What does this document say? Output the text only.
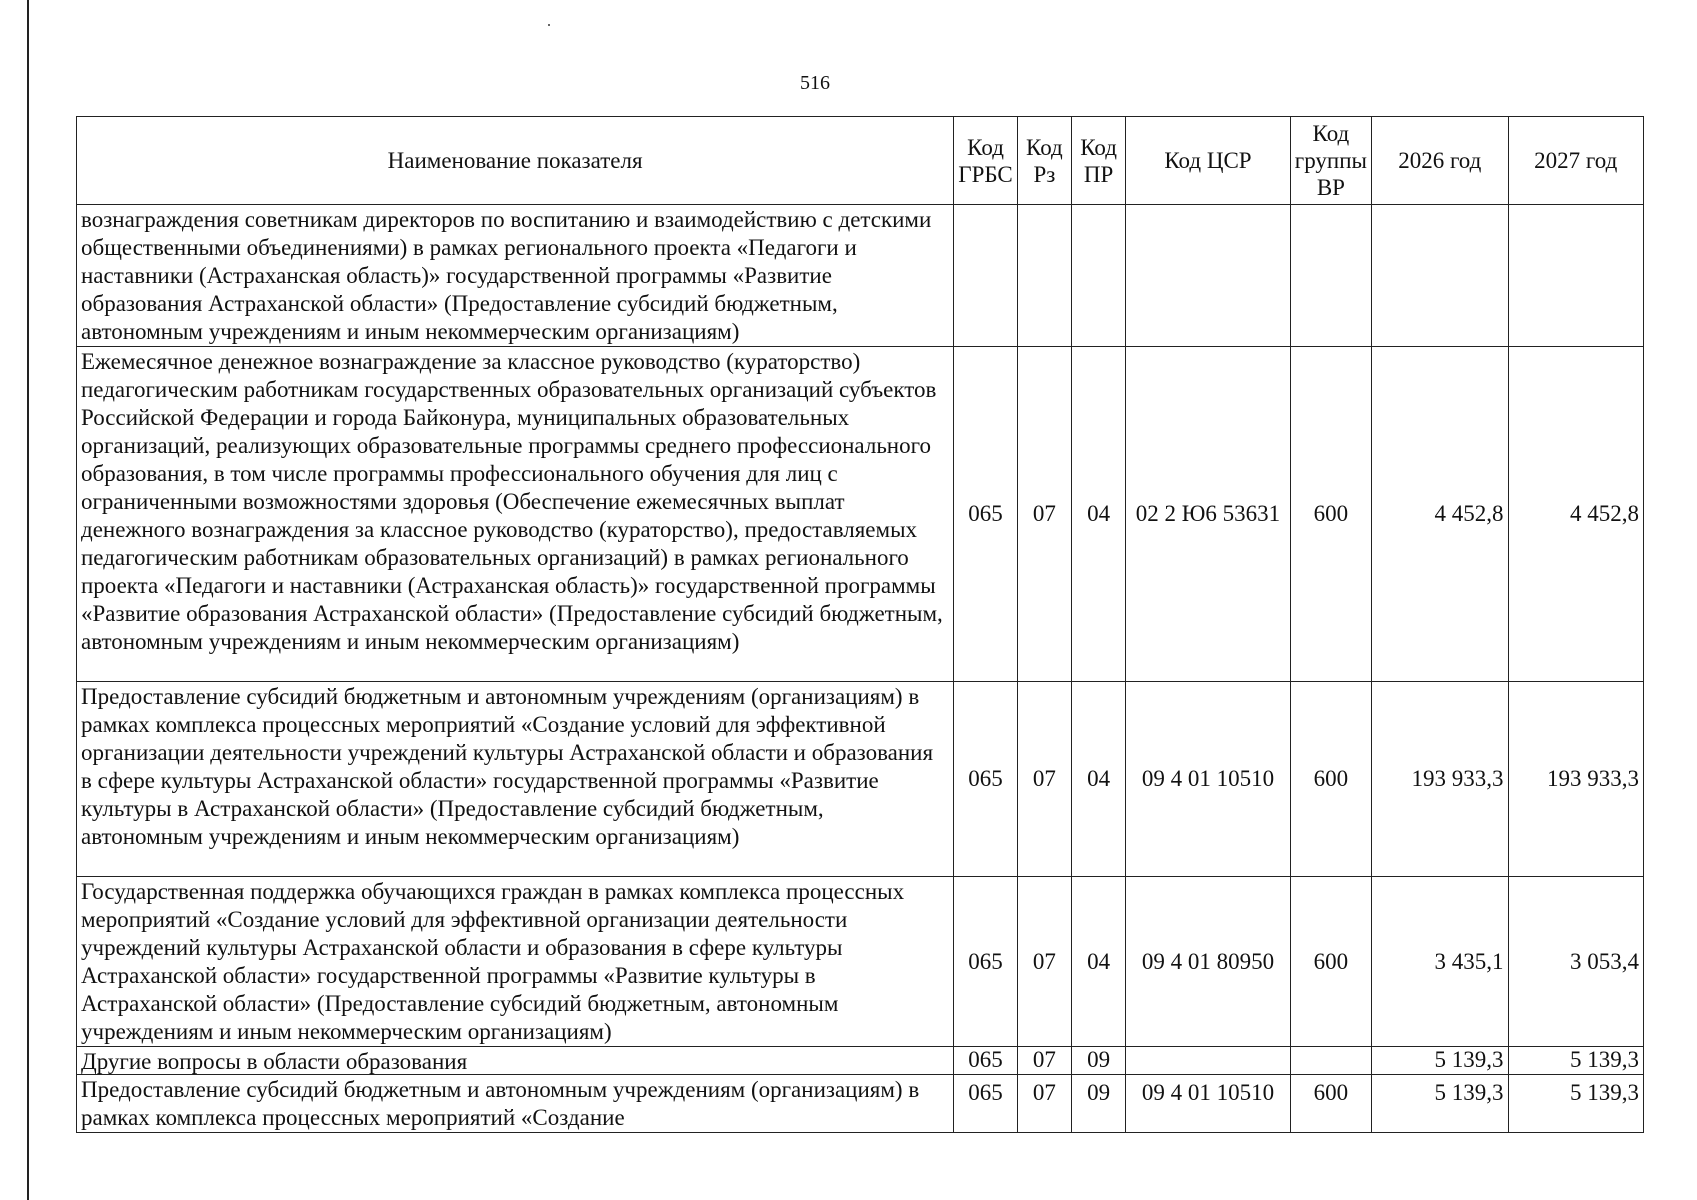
516
Наименование показателя	Код ГРБС	Код Рз	Код ПР	Код ЦСР	Код группы ВР	2026 год	2027 год
вознаграждения советникам директоров по воспитанию и взаимодействию с детскими общественными объединениями) в рамках регионального проекта «Педагоги и наставники (Астраханская область)» государственной программы «Развитие образования Астраханской области» (Предоставление субсидий бюджетным, автономным учреждениям и иным некоммерческим организациям)							
Ежемесячное денежное вознаграждение за классное руководство (кураторство) педагогическим работникам государственных образовательных организаций субъектов Российской Федерации и города Байконура, муниципальных образовательных организаций, реализующих образовательные программы среднего профессионального образования, в том числе программы профессионального обучения для лиц с ограниченными возможностями здоровья (Обеспечение ежемесячных выплат денежного вознаграждения за классное руководство (кураторство), предоставляемых педагогическим работникам образовательных организаций) в рамках регионального проекта «Педагоги и наставники (Астраханская область)» государственной программы «Развитие образования Астраханской области» (Предоставление субсидий бюджетным, автономным учреждениям и иным некоммерческим организациям)	065	07	04	02 2 Ю6 53631	600	4 452,8	4 452,8
Предоставление субсидий бюджетным и автономным учреждениям (организациям) в рамках комплекса процессных мероприятий «Создание условий для эффективной организации деятельности учреждений культуры Астраханской области и образования в сфере культуры Астраханской области» государственной программы «Развитие культуры в Астраханской области» (Предоставление субсидий бюджетным, автономным учреждениям и иным некоммерческим организациям)	065	07	04	09 4 01 10510	600	193 933,3	193 933,3
Государственная поддержка обучающихся граждан в рамках комплекса процессных мероприятий «Создание условий для эффективной организации деятельности учреждений культуры Астраханской области и образования в сфере культуры Астраханской области» государственной программы «Развитие культуры в Астраханской области» (Предоставление субсидий бюджетным, автономным учреждениям и иным некоммерческим организациям)	065	07	04	09 4 01 80950	600	3 435,1	3 053,4
Другие вопросы в области образования	065	07	09			5 139,3	5 139,3
Предоставление субсидий бюджетным и автономным учреждениям (организациям) в рамках комплекса процессных мероприятий «Создание	065	07	09	09 4 01 10510	600	5 139,3	5 139,3
